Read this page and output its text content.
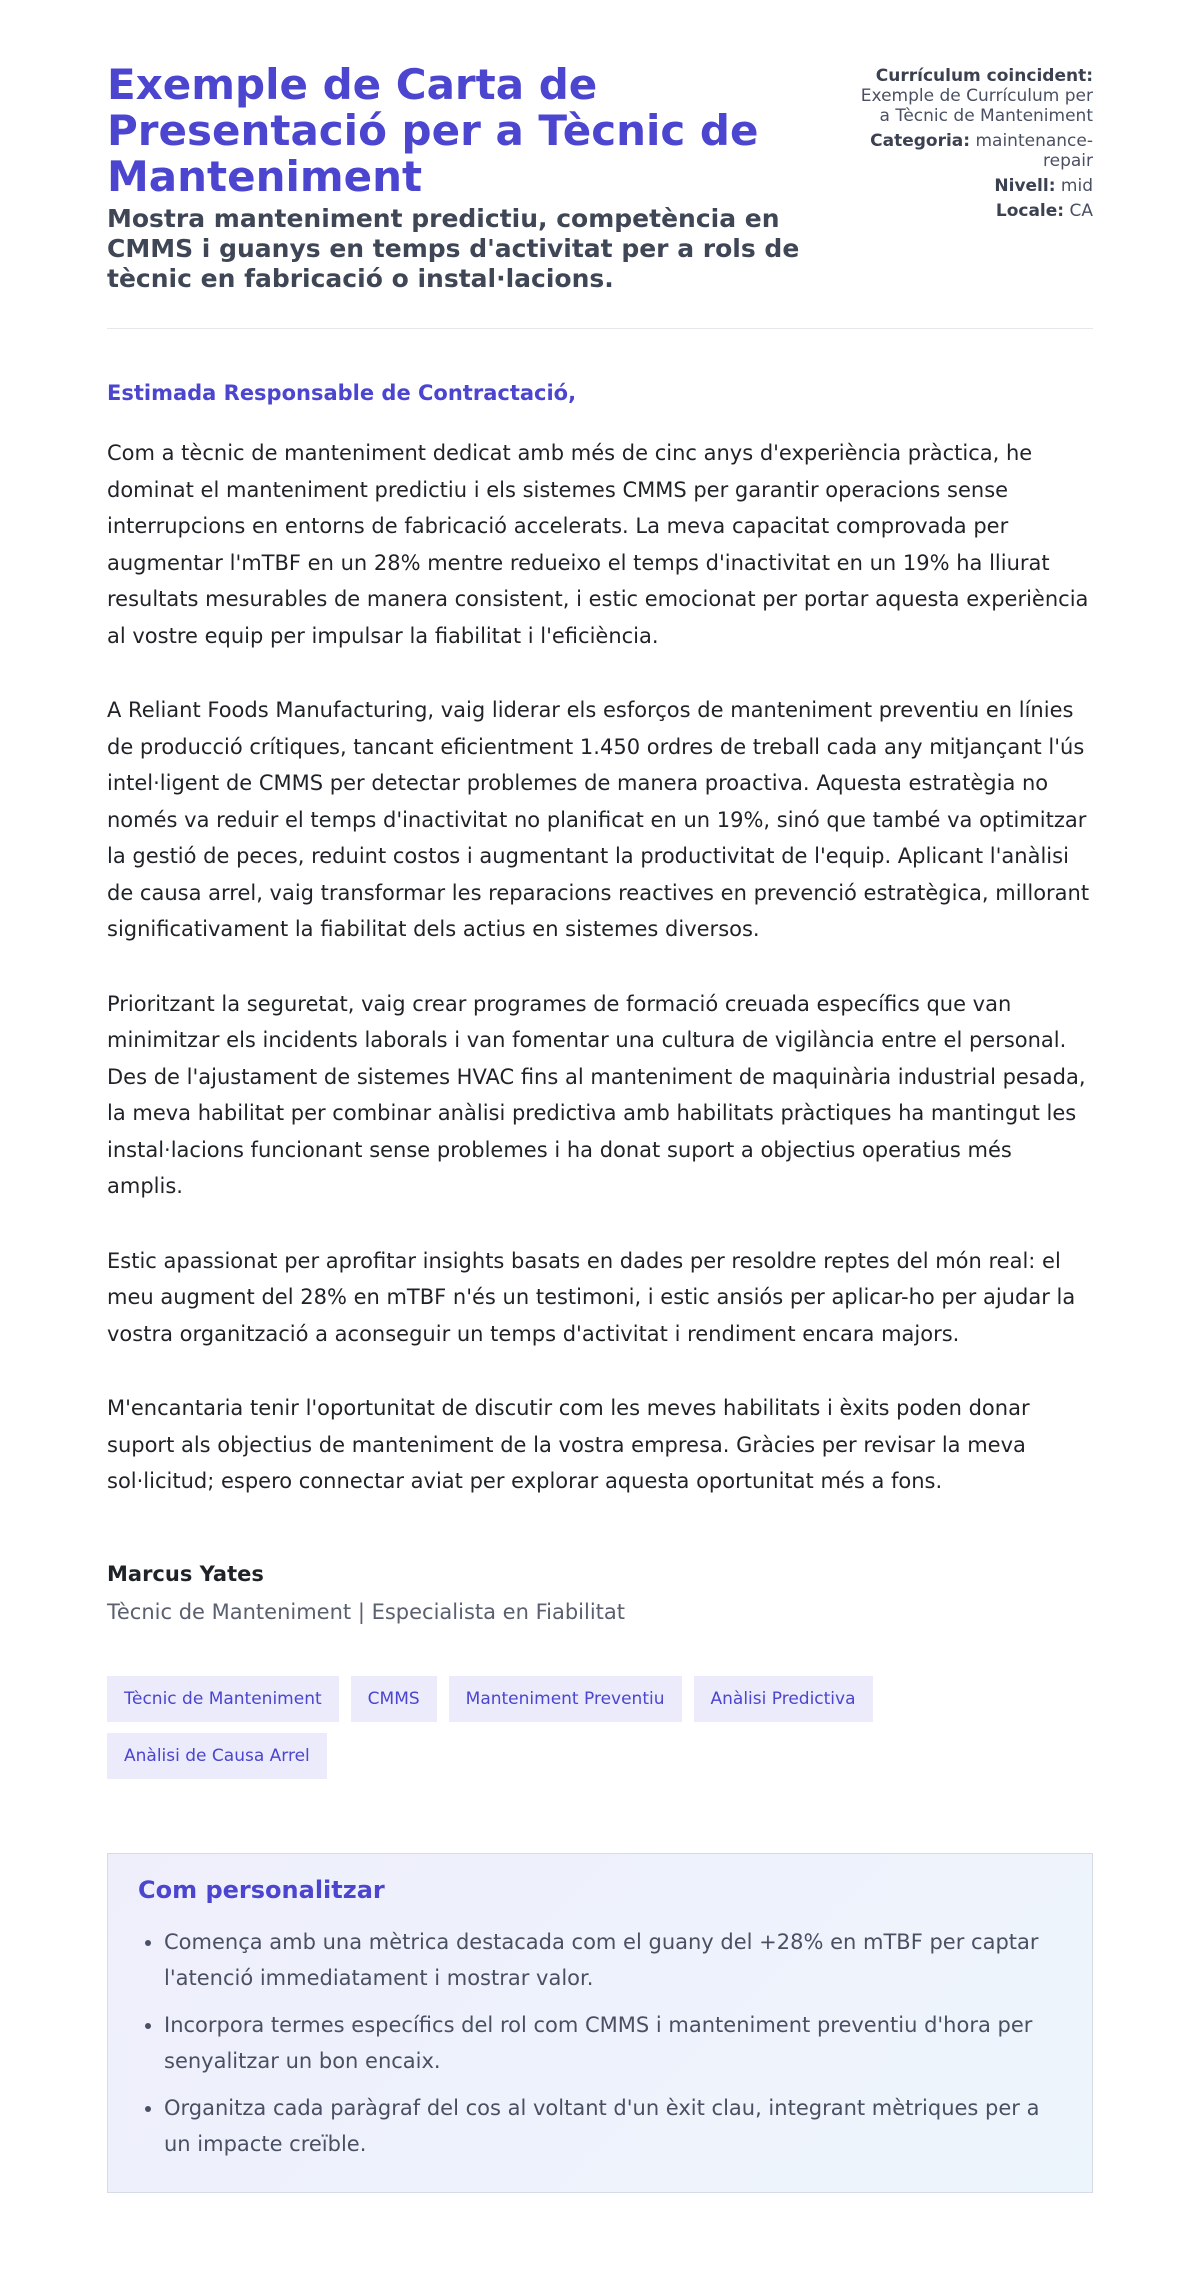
Exemple de Carta de Presentació per a Tècnic de Manteniment
Mostra manteniment predictiu, competència en CMMS i guanys en temps d'activitat per a rols de tècnic en fabricació o instal·lacions.
Currículum coincident: Exemple de Currículum per a Tècnic de Manteniment
Categoria: maintenance-repair
Nivell: mid
Locale: CA

Estimada Responsable de Contractació,

Com a tècnic de manteniment dedicat amb més de cinc anys d'experiència pràctica, he dominat el manteniment predictiu i els sistemes CMMS per garantir operacions sense interrupcions en entorns de fabricació accelerats. La meva capacitat comprovada per augmentar l'mTBF en un 28% mentre redueixo el temps d'inactivitat en un 19% ha lliurat resultats mesurables de manera consistent, i estic emocionat per portar aquesta experiència al vostre equip per impulsar la fiabilitat i l'eficiència.

A Reliant Foods Manufacturing, vaig liderar els esforços de manteniment preventiu en línies de producció crítiques, tancant eficientment 1.450 ordres de treball cada any mitjançant l'ús intel·ligent de CMMS per detectar problemes de manera proactiva. Aquesta estratègia no només va reduir el temps d'inactivitat no planificat en un 19%, sinó que també va optimitzar la gestió de peces, reduint costos i augmentant la productivitat de l'equip. Aplicant l'anàlisi de causa arrel, vaig transformar les reparacions reactives en prevenció estratègica, millorant significativament la fiabilitat dels actius en sistemes diversos.

Prioritzant la seguretat, vaig crear programes de formació creuada específics que van minimitzar els incidents laborals i van fomentar una cultura de vigilància entre el personal. Des de l'ajustament de sistemes HVAC fins al manteniment de maquinària industrial pesada, la meva habilitat per combinar anàlisi predictiva amb habilitats pràctiques ha mantingut les instal·lacions funcionant sense problemes i ha donat suport a objectius operatius més amplis.

Estic apassionat per aprofitar insights basats en dades per resoldre reptes del món real: el meu augment del 28% en mTBF n'és un testimoni, i estic ansiós per aplicar-ho per ajudar la vostra organització a aconseguir un temps d'activitat i rendiment encara majors.

M'encantaria tenir l'oportunitat de discutir com les meves habilitats i èxits poden donar suport als objectius de manteniment de la vostra empresa. Gràcies per revisar la meva sol·licitud; espero connectar aviat per explorar aquesta oportunitat més a fons.

Marcus Yates
Tècnic de Manteniment | Especialista en Fiabilitat
Tècnic de Manteniment	CMMS	Manteniment Preventiu	Anàlisi Predictiva
Anàlisi de Causa Arrel
Com personalitzar
• Comença amb una mètrica destacada com el guany del +28% en mTBF per captar l'atenció immediatament i mostrar valor.
• Incorpora termes específics del rol com CMMS i manteniment preventiu d'hora per senyalitzar un bon encaix.
• Organitza cada paràgraf del cos al voltant d'un èxit clau, integrant mètriques per a un impacte creïble.
